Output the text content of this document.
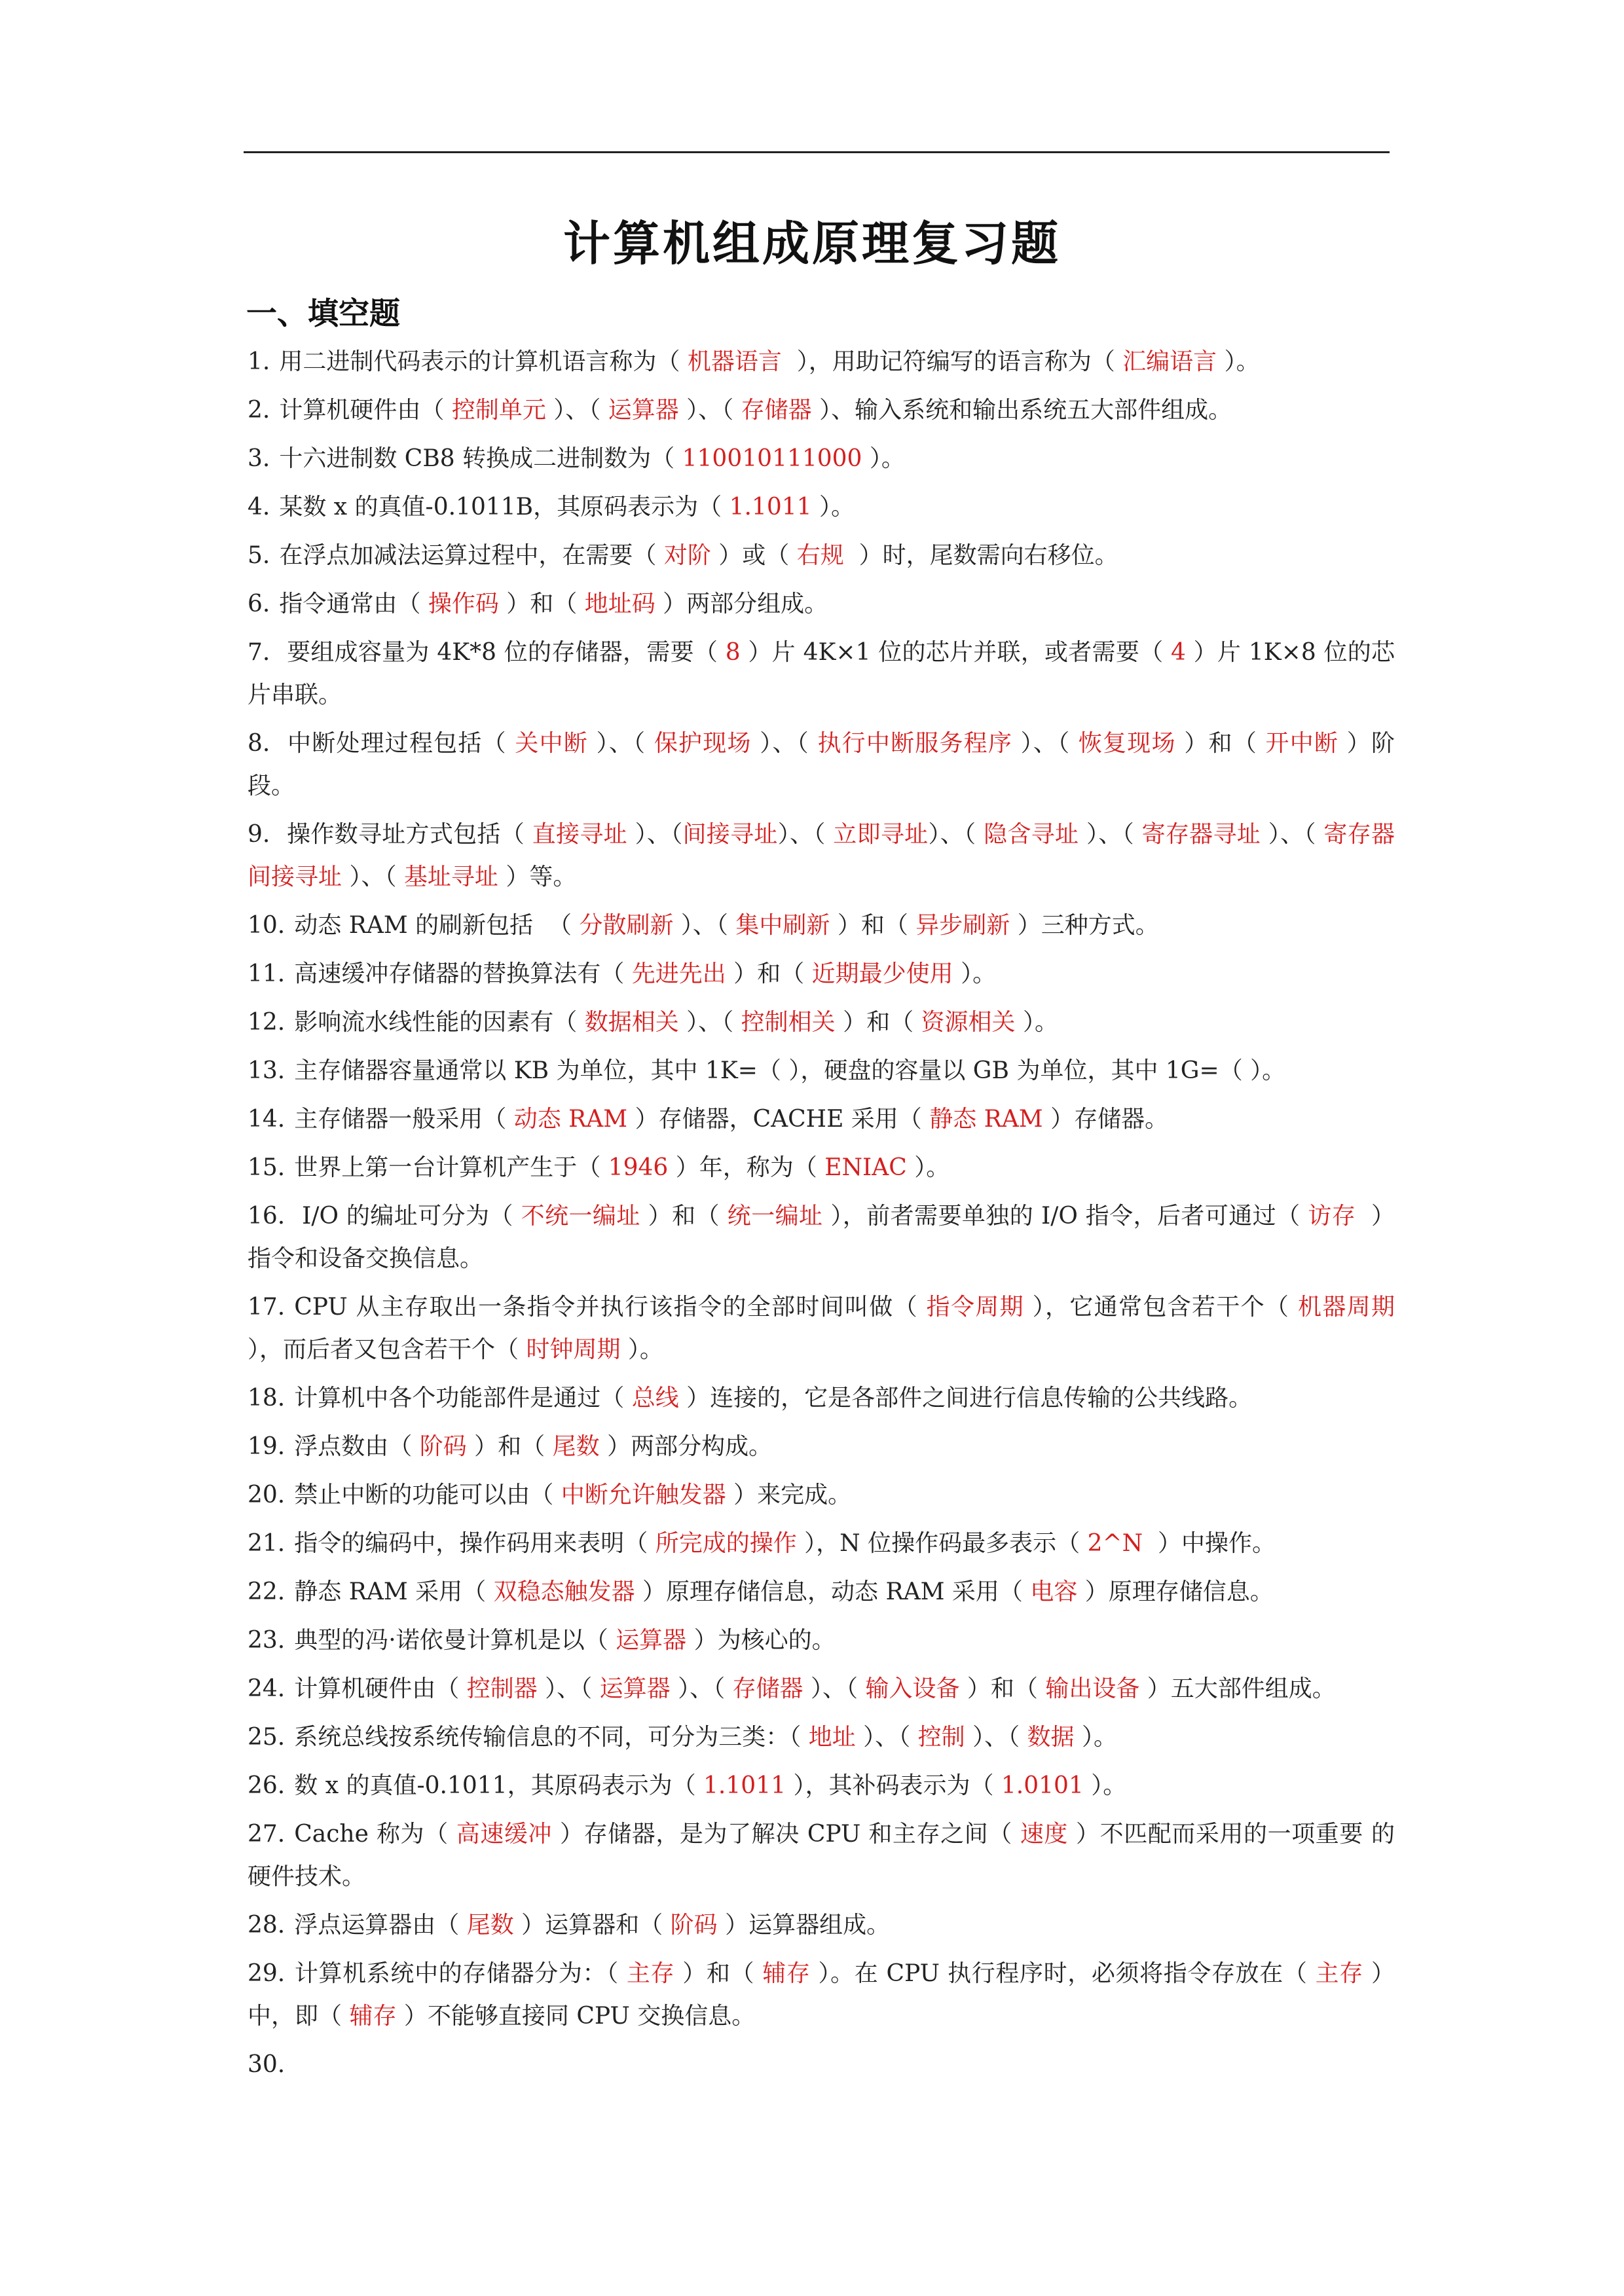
计算机组成原理复习题
一、填空题
1. 用二进制代码表示的计算机语言称为（ 机器语言  ），用助记符编写的语言称为（ 汇编语言 ）。
2. 计算机硬件由（ 控制单元 ）、（ 运算器 ）、（ 存储器 ）、输入系统和输出系统五大部件组成。
3. 十六进制数 CB8 转换成二进制数为（ 110010111000 ）。
4. 某数 x 的真值-0.1011B，其原码表示为（ 1.1011 ）。
5. 在浮点加减法运算过程中，在需要（ 对阶 ）或（ 右规  ）时，尾数需向右移位。
6. 指令通常由（ 操作码 ）和（ 地址码 ）两部分组成。
7. 要组成容量为 4K*8 位的存储器，需要（ 8 ）片 4K×1 位的芯片并联，或者需要（ 4 ）片 1K×8 位的芯片串联。
8. 中断处理过程包括（ 关中断 ）、（ 保护现场 ）、（ 执行中断服务程序 ）、（ 恢复现场 ）和（ 开中断 ）阶段。
9. 操作数寻址方式包括（ 直接寻址 ）、（间接寻址）、（ 立即寻址）、（ 隐含寻址 ）、（ 寄存器寻址 ）、（ 寄存器间接寻址 ）、（ 基址寻址 ）等。
10. 动态 RAM 的刷新包括  （ 分散刷新 ）、（ 集中刷新 ）和（ 异步刷新 ）三种方式。
11. 高速缓冲存储器的替换算法有（ 先进先出 ）和（ 近期最少使用 ）。
12. 影响流水线性能的因素有（ 数据相关 ）、（ 控制相关 ）和（ 资源相关 ）。
13. 主存储器容量通常以 KB 为单位，其中 1K=（ ），硬盘的容量以 GB 为单位，其中 1G=（ ）。
14. 主存储器一般采用（ 动态 RAM ）存储器，CACHE 采用（ 静态 RAM ）存储器。
15. 世界上第一台计算机产生于（ 1946 ）年，称为（ ENIAC ）。
16. I/O 的编址可分为（ 不统一编址 ）和（ 统一编址 ），前者需要单独的 I/O 指令，后者可通过（ 访存  ）指令和设备交换信息。
17. CPU 从主存取出一条指令并执行该指令的全部时间叫做（ 指令周期 ），它通常包含若干个（ 机器周期 ），而后者又包含若干个（ 时钟周期 ）。
18. 计算机中各个功能部件是通过（ 总线 ）连接的，它是各部件之间进行信息传输的公共线路。
19. 浮点数由（ 阶码 ）和（ 尾数 ）两部分构成。
20. 禁止中断的功能可以由（ 中断允许触发器 ）来完成。
21. 指令的编码中，操作码用来表明（ 所完成的操作 ），N 位操作码最多表示（ 2^N  ）中操作。
22. 静态 RAM 采用（ 双稳态触发器 ）原理存储信息，动态 RAM 采用（ 电容 ）原理存储信息。
23. 典型的冯·诺依曼计算机是以（ 运算器 ）为核心的。
24. 计算机硬件由（ 控制器 ）、（ 运算器 ）、（ 存储器 ）、（ 输入设备 ）和（ 输出设备 ）五大部件组成。
25. 系统总线按系统传输信息的不同，可分为三类：（ 地址 ）、（ 控制 ）、（ 数据 ）。
26. 数 x 的真值-0.1011，其原码表示为（ 1.1011 ），其补码表示为（ 1.0101 ）。
27. Cache 称为（ 高速缓冲 ）存储器，是为了解决 CPU 和主存之间（ 速度 ）不匹配而采用的一项重要 的硬件技术。
28. 浮点运算器由（ 尾数 ）运算器和（ 阶码 ）运算器组成。
29. 计算机系统中的存储器分为：（ 主存 ）和（ 辅存 ）。在 CPU 执行程序时，必须将指令存放在（ 主存 ）  中，即（ 辅存 ）不能够直接同 CPU 交换信息。
30.
